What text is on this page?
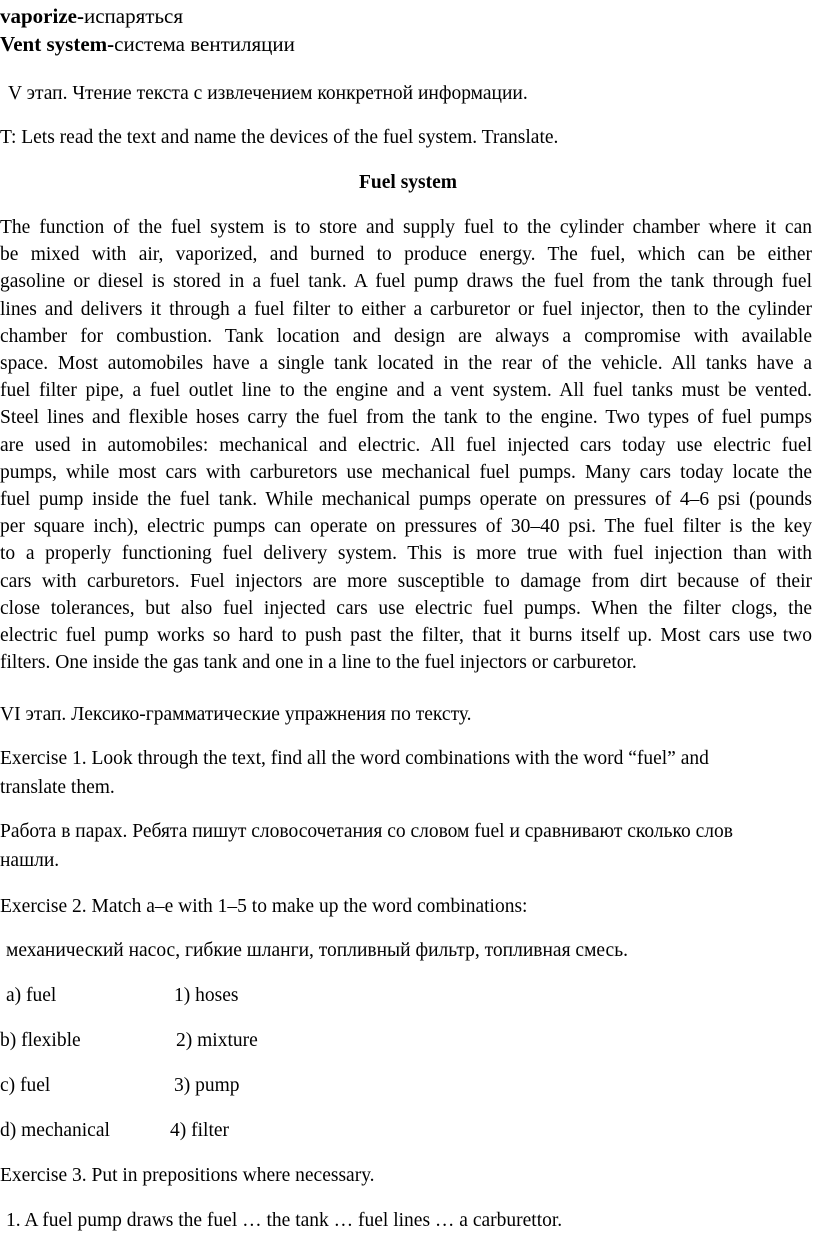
vaporize-испаряться
Vent system-система вентиляции
V этап. Чтение текста с извлечением конкретной информации.
T: Lets read the text and name the devices of the fuel system. Translate.
Fuel system
The function of the fuel system is to store and supply fuel to the cylinder chamber where it can
be mixed with air, vaporized, and burned to produce energy. The fuel, which can be either
gasoline or diesel is stored in a fuel tank. A fuel pump draws the fuel from the tank through fuel
lines and delivers it through a fuel filter to either a carburetor or fuel injector, then to the cylinder
chamber for combustion. Tank location and design are always a compromise with available
space. Most automobiles have a single tank located in the rear of the vehicle. All tanks have a
fuel filter pipe, a fuel outlet line to the engine and a vent system. All fuel tanks must be vented.
Steel lines and flexible hoses carry the fuel from the tank to the engine. Two types of fuel pumps
are used in automobiles: mechanical and electric. All fuel injected cars today use electric fuel
pumps, while most cars with carburetors use mechanical fuel pumps. Many cars today locate the
fuel pump inside the fuel tank. While mechanical pumps operate on pressures of 4–6 psi (pounds
per square inch), electric pumps can operate on pressures of 30–40 psi. The fuel filter is the key
to a properly functioning fuel delivery system. This is more true with fuel injection than with
cars with carburetors. Fuel injectors are more susceptible to damage from dirt because of their
close tolerances, but also fuel injected cars use electric fuel pumps. When the filter clogs, the
electric fuel pump works so hard to push past the filter, that it burns itself up. Most cars use two
filters. One inside the gas tank and one in a line to the fuel injectors or carburetor.
VI этап. Лексико-грамматические упражнения по тексту.
Exercise 1. Look through the text, find all the word combinations with the word “fuel” and
translate them.
Работа в парах. Ребята пишут словосочетания со словом fuel и сравнивают сколько слов
нашли.
Exercise 2. Match a–e with 1–5 to make up the word combinations:
механический насос, гибкие шланги, топливный фильтр, топливная смесь.
a) fuel	1) hoses
b) flexible	2) mixture
c) fuel	3) pump
d) mechanical	4) filter
Exercise 3. Put in prepositions where necessary.
1. A fuel pump draws the fuel … the tank … fuel lines … a carburettor.
